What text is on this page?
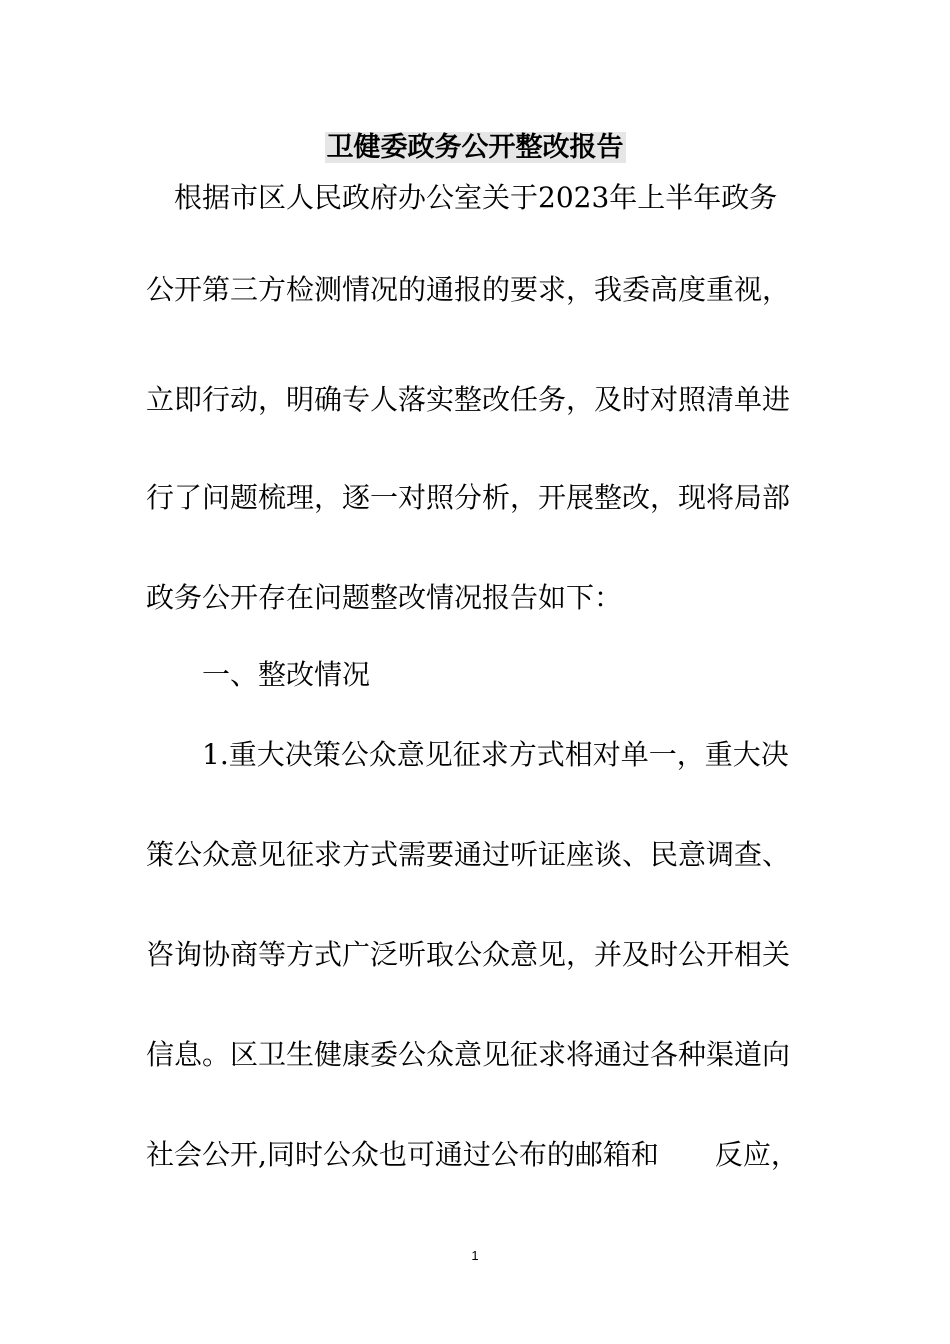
卫健委政务公开整改报告

　根据市区人民政府办公室关于2023年上半年政务

公开第三方检测情况的通报的要求，我委高度重视，

立即行动，明确专人落实整改任务，及时对照清单进

行了问题梳理，逐一对照分析，开展整改，现将局部

政务公开存在问题整改情况报告如下：

　　一、整改情况

　　1.重大决策公众意见征求方式相对单一，重大决

策公众意见征求方式需要通过听证座谈、民意调查、

咨询协商等方式广泛听取公众意见，并及时公开相关

信息。区卫生健康委公众意见征求将通过各种渠道向

社会公开,同时公众也可通过公布的邮箱和　　反应，

1
